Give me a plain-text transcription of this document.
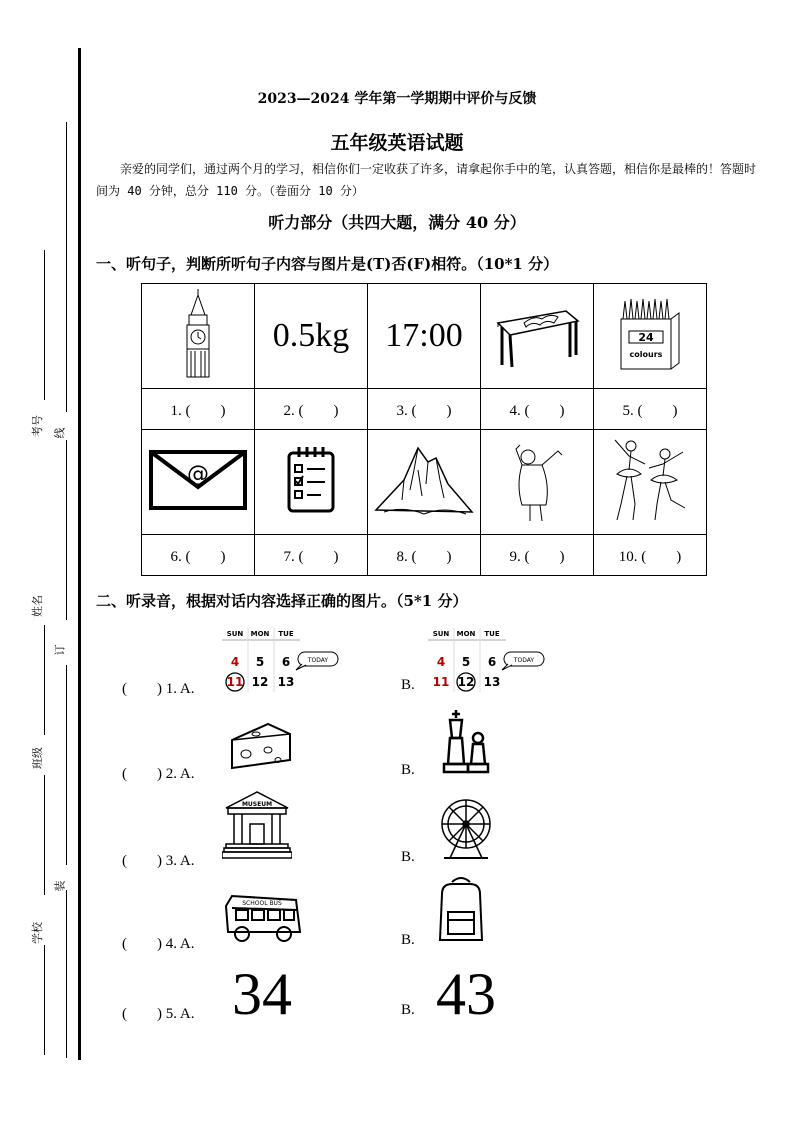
考号 线
姓名
订
班级
装
学校
2023—2024 学年第一学期期中评价与反馈
五年级英语试题
亲爱的同学们，通过两个月的学习，相信你们一定收获了许多，请拿起你手中的笔，认真答题，相信你是最棒的！答题时间为 40 分钟，总分 110 分。（卷面分 10 分）
听力部分（共四大题，满分 40 分）
一、听句子，判断所听句子内容与图片是(T)否(F)相符。（10*1 分）
	0.5kg	17:00		24
colours

1. (　　)	2. (　　)	3. (　　)	4. (　　)	5. (　　)

@

6. (　　)	7. (　　)	8. (　　)	9. (　　)	10. (　　)
二、听录音，根据对话内容选择正确的图片。（5*1 分）
SUN MON TUE
4 5 6
11 12 13
TODAY
SUN MON TUE
4 5 6
11 12 13
TODAY
(　　) 1. A.	B.
(　　) 2. A.	B.
MUSEUM
(　　) 3. A.	B.
SCHOOL BUS
(　　) 4. A.	B.
(　　) 5. A. 34	B. 43
